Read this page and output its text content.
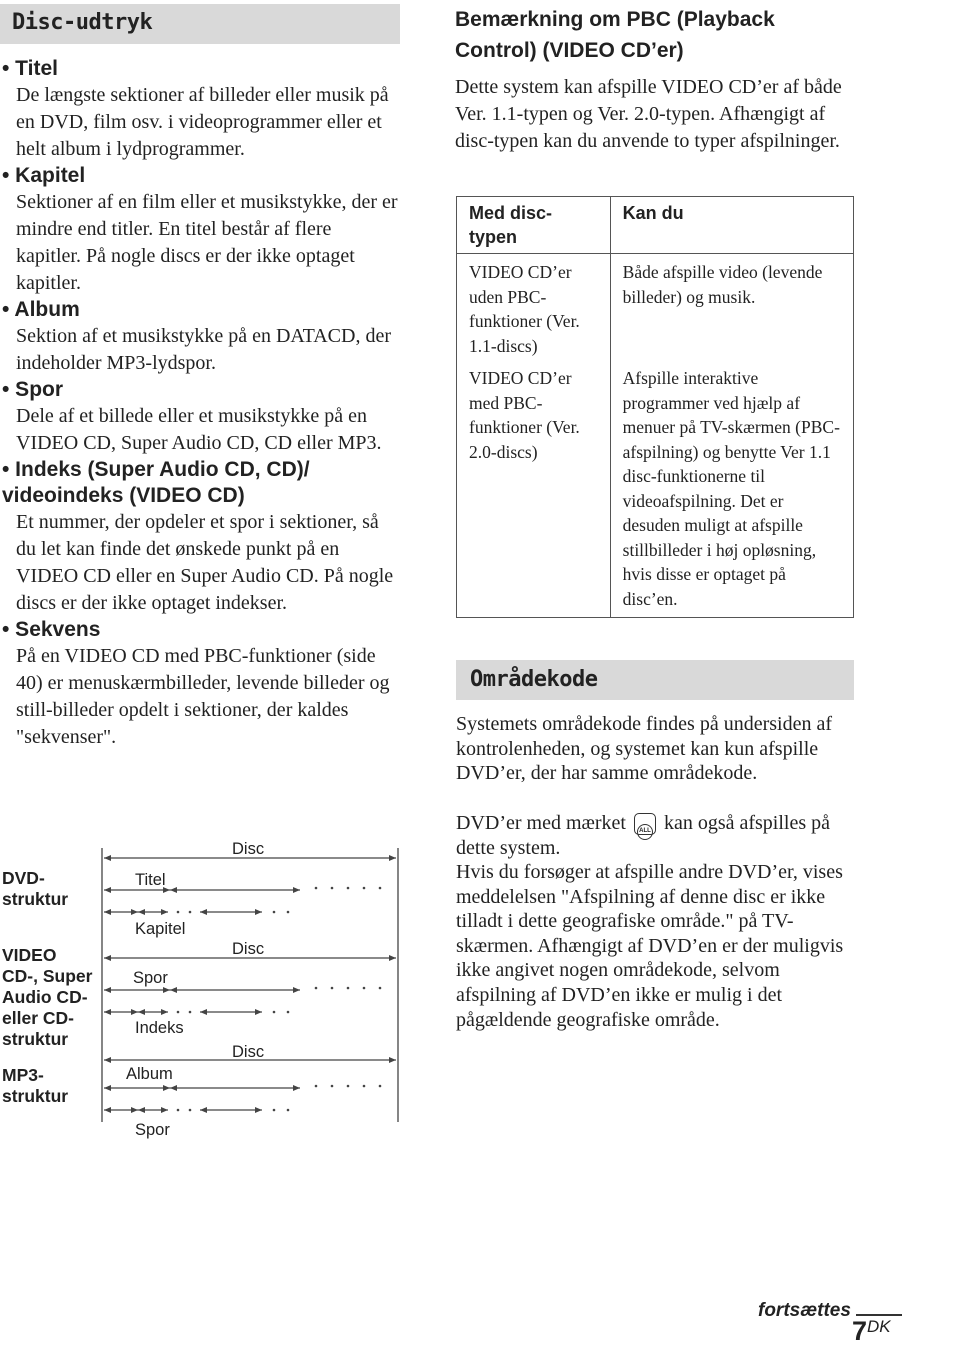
Disc-udtryk
• Titel
De længste sektioner af billeder eller musik på en DVD, film osv. i videoprogrammer eller et helt album i lydprogrammer.
• Kapitel
Sektioner af en film eller et musikstykke, der er mindre end titler. En titel består af flere kapitler. På nogle discs er der ikke optaget kapitler.
• Album
Sektion af et musikstykke på en DATACD, der indeholder MP3-lydspor.
• Spor
Dele af et billede eller et musikstykke på en VIDEO CD, Super Audio CD, CD eller MP3.
• Indeks (Super Audio CD, CD)/ videoindeks (VIDEO CD)
Et nummer, der opdeler et spor i sektioner, så du let kan finde det ønskede punkt på en VIDEO CD eller en Super Audio CD. På nogle discs er der ikke optaget indekser.
• Sekvens
På en VIDEO CD med PBC-funktioner (side 40) er menuskærmbilleder, levende billeder og still-billeder opdelt i sektioner, der kaldes "sekvenser".
DVD-
struktur
VIDEO
CD-, Super
Audio CD-
eller CD-
struktur
MP3-
struktur
Disc
Titel
Kapitel
Disc
Spor
Indeks
Disc
Album
Spor
Bemærkning om PBC (Playback Control) (VIDEO CD’er)
Dette system kan afspille VIDEO CD’er af både Ver. 1.1-typen og Ver. 2.0-typen. Afhængigt af disc-typen kan du anvende to typer afspilninger.
Med disc-typen	Kan du
VIDEO CD’er uden PBC-funktioner (Ver. 1.1-discs)	Både afspille video (levende billeder) og musik.
VIDEO CD’er med PBC-funktioner (Ver. 2.0-discs)	Afspille interaktive programmer ved hjælp af menuer på TV-skærmen (PBC-afspilning) og benytte Ver 1.1 disc-funktionerne til videoafspilning. Det er desuden muligt at afspille stillbilleder i høj opløsning, hvis disse er optaget på disc’en.
Områdekode
Systemets områdekode findes på undersiden af kontrolenheden, og systemet kan kun afspille DVD’er, der har samme områdekode.
DVD’er med mærket ALL kan også afspilles på dette system.
Hvis du forsøger at afspille andre DVD’er, vises meddelelsen "Afspilning af denne disc er ikke tilladt i dette geografiske område." på TV-skærmen. Afhængigt af DVD’en er der muligvis ikke angivet nogen områdekode, selvom afspilning af DVD’en ikke er mulig i det pågældende geografiske område.
fortsættes
7DK
